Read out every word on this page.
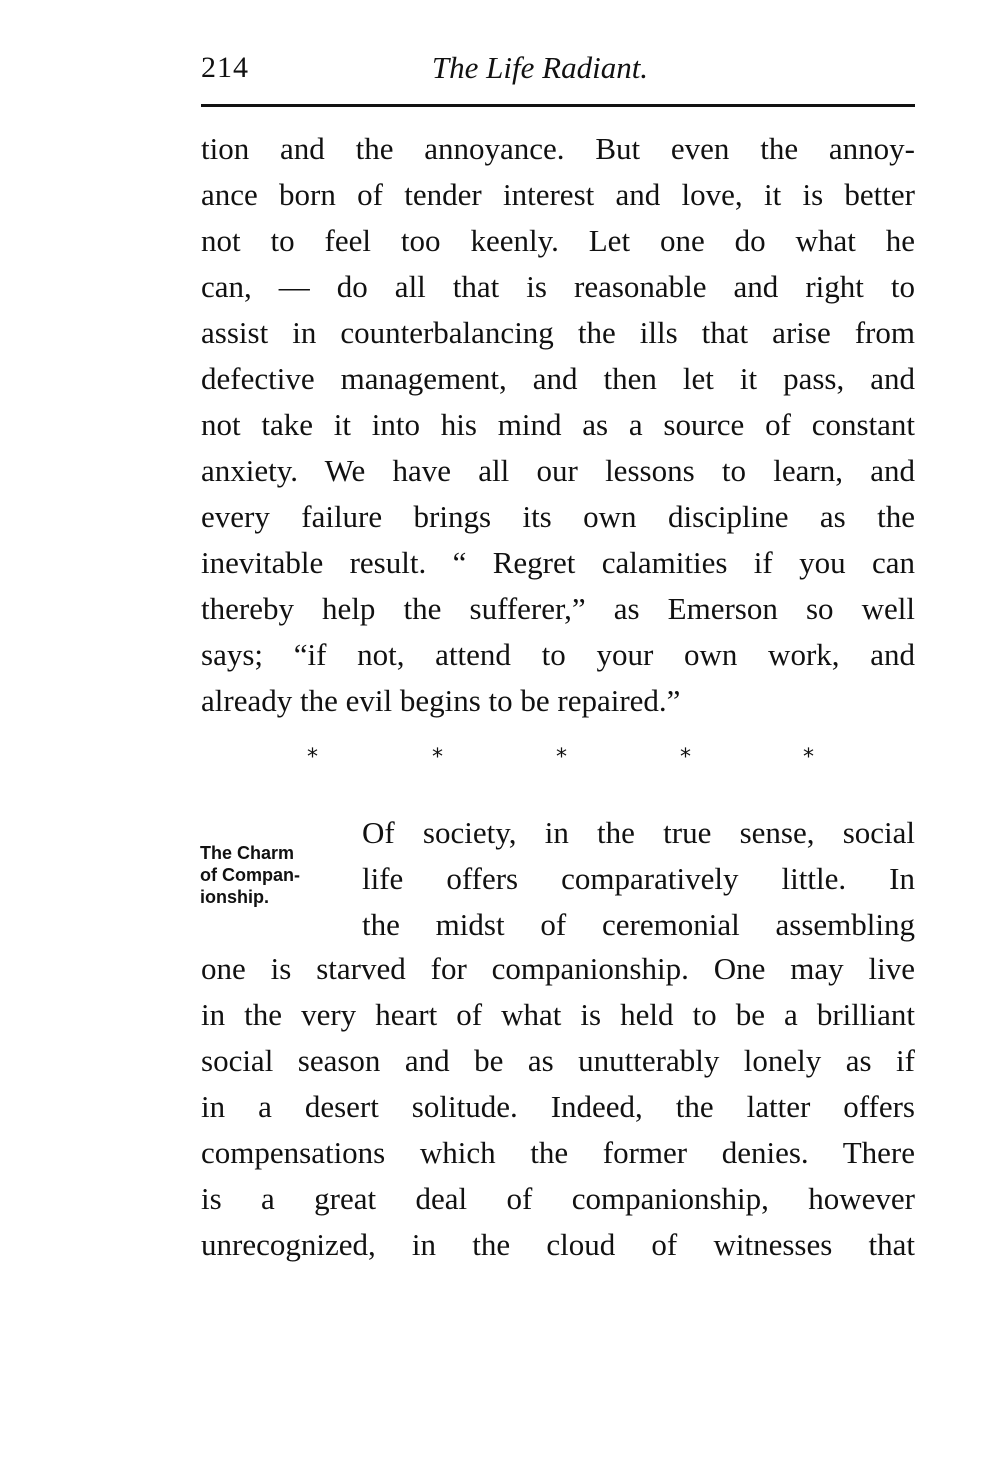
214	The Life Radiant.
tion and the annoyance. But even the annoy-
ance born of tender interest and love, it is better
not to feel too keenly. Let one do what he
can, — do all that is reasonable and right to
assist in counterbalancing the ills that arise from
defective management, and then let it pass, and
not take it into his mind as a source of constant
anxiety. We have all our lessons to learn, and
every failure brings its own discipline as the
inevitable result. “ Regret calamities if you can
thereby help the sufferer,” as Emerson so well
says; “if not, attend to your own work, and
already the evil begins to be repaired.”
*	*	*	*	*
The Charm
of Compan-
ionship.
Of society, in the true sense, social
life offers comparatively little. In
the midst of ceremonial assembling
one is starved for companionship. One may live
in the very heart of what is held to be a brilliant
social season and be as unutterably lonely as if
in a desert solitude. Indeed, the latter offers
compensations which the former denies. There
is a great deal of companionship, however
unrecognized, in the cloud of witnesses that
